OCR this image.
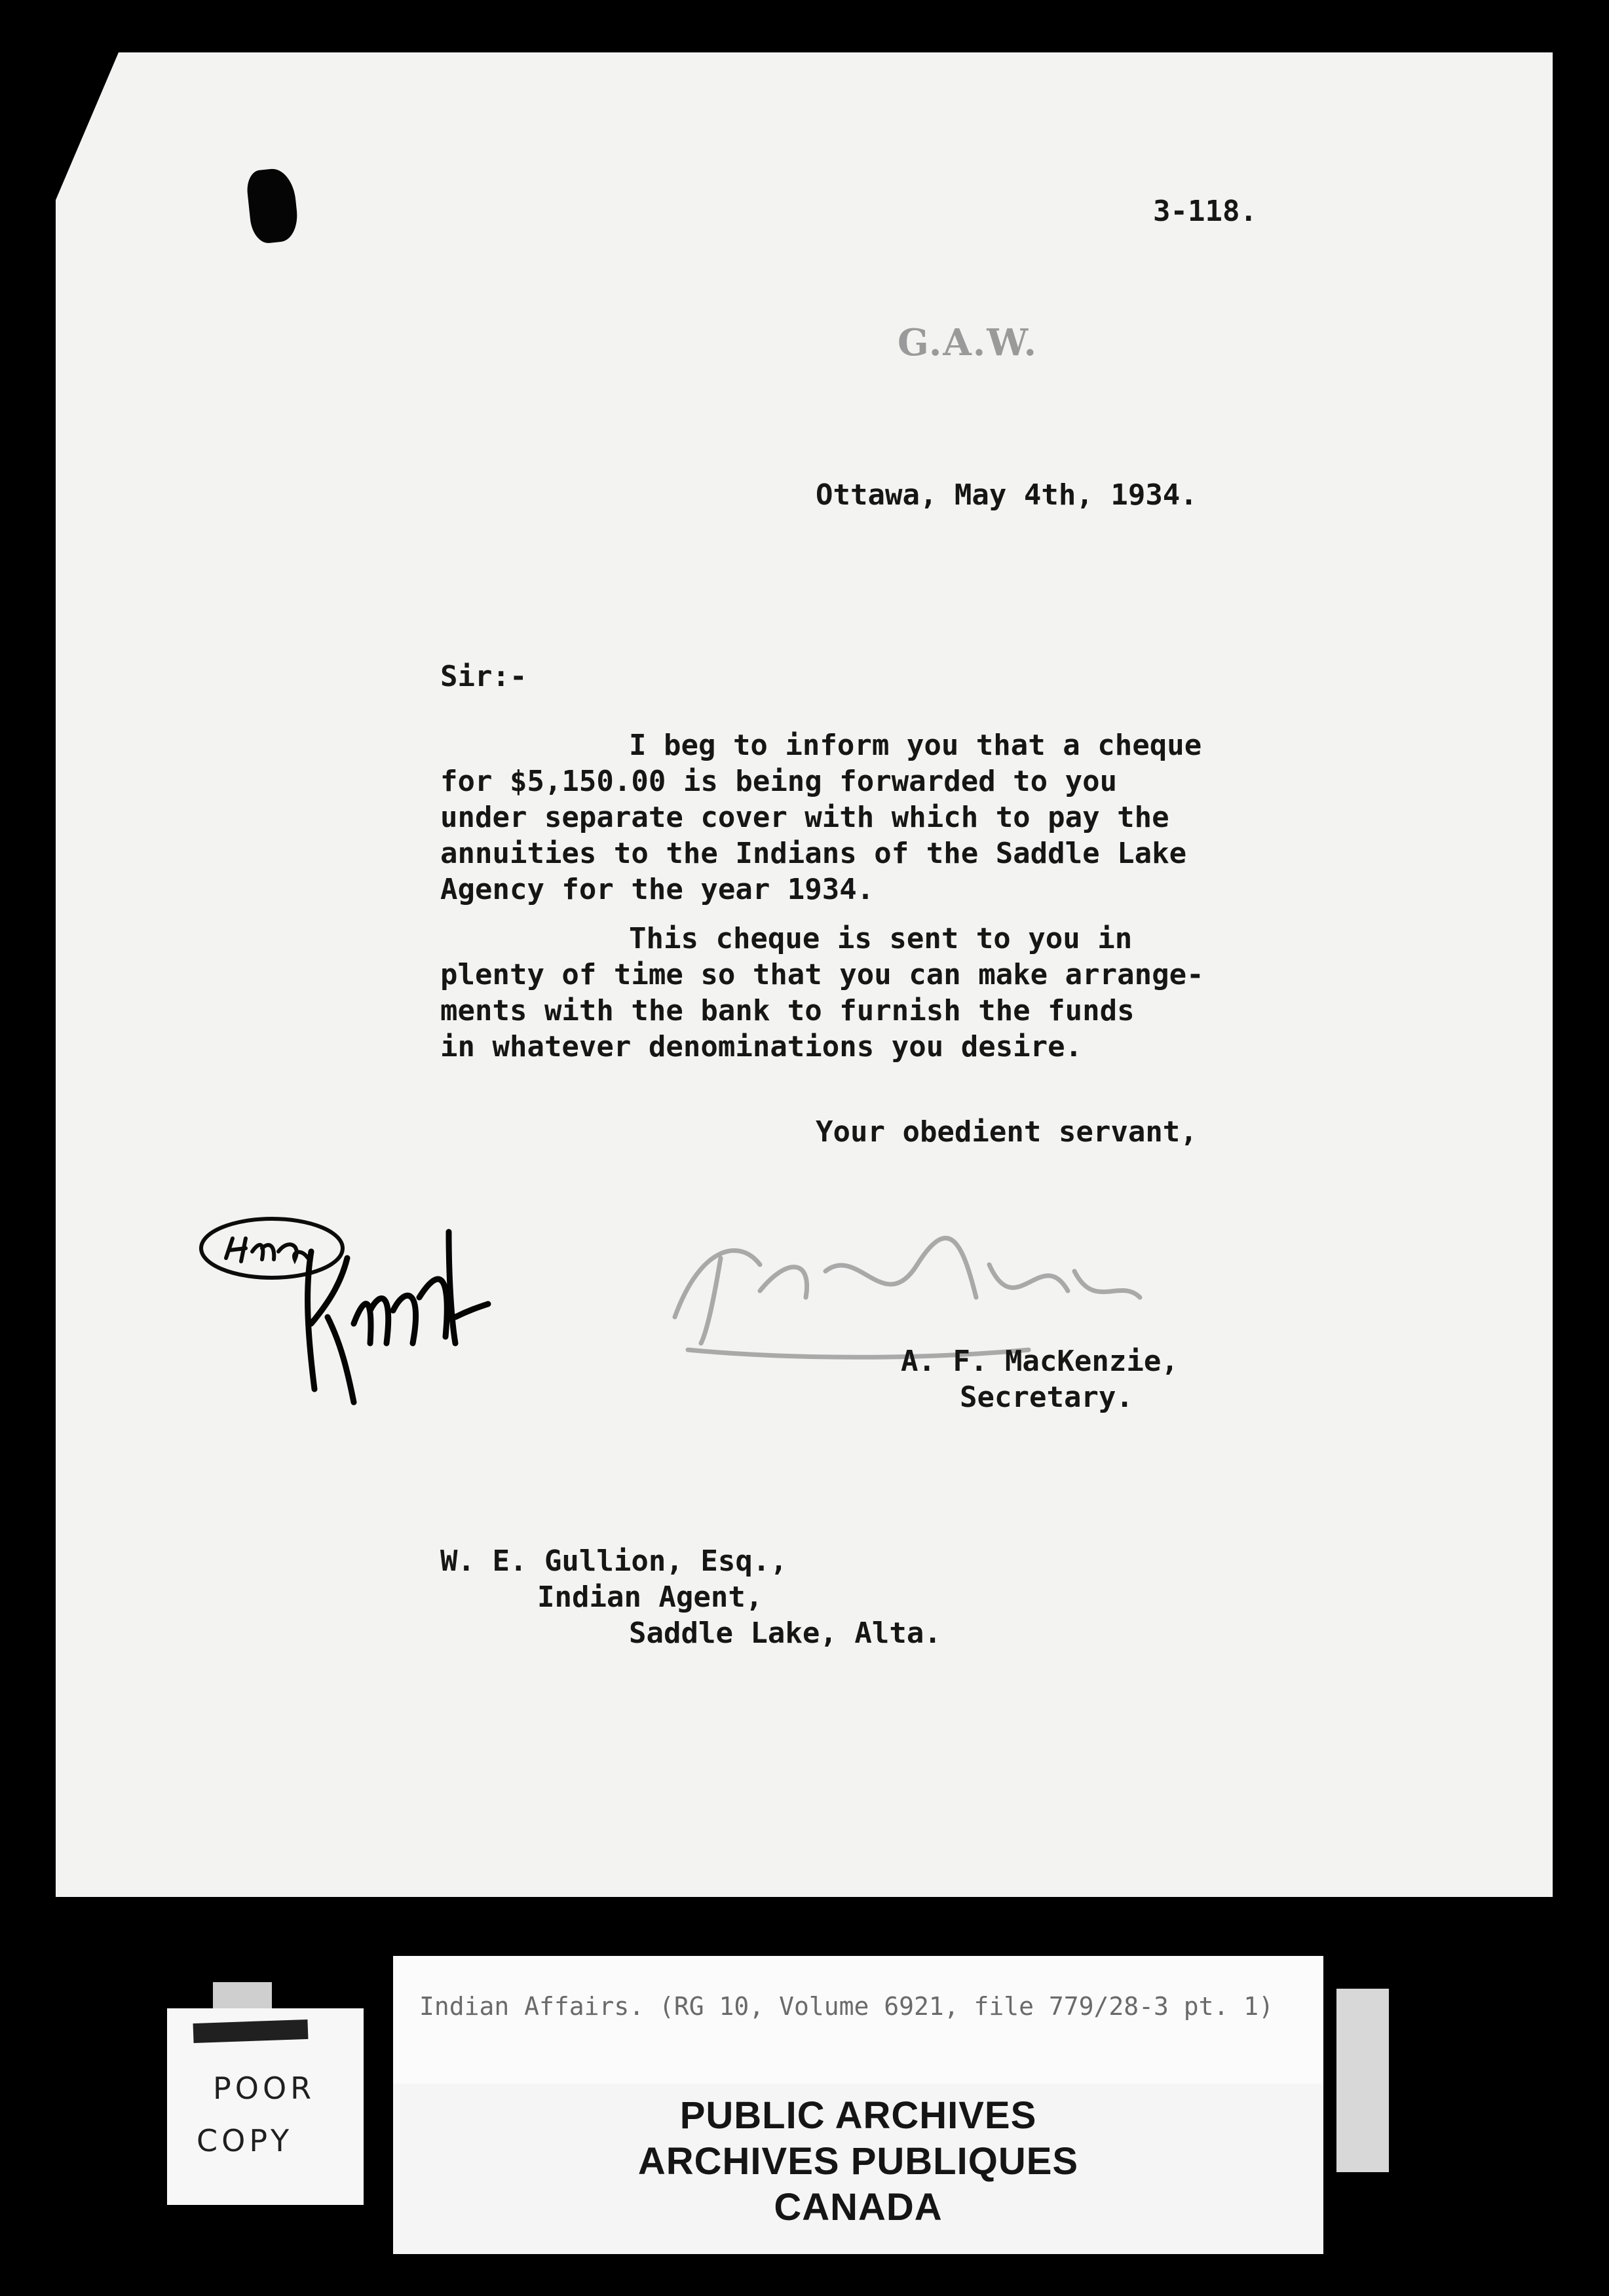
3-118.
G.A.W.
Ottawa, May 4th, 1934.
Sir:-
I beg to inform you that a cheque
for $5,150.00 is being forwarded to you
under separate cover with which to pay the
annuities to the Indians of the Saddle Lake
Agency for the year 1934.
This cheque is sent to you in
plenty of time so that you can make arrange-
ments with the bank to furnish the funds
in whatever denominations you desire.
Your obedient servant,
A. F. MacKenzie,
Secretary.
W. E. Gullion, Esq.,
Indian Agent,
Saddle Lake, Alta.
Indian Affairs. (RG 10, Volume 6921, file 779/28-3 pt. 1)
POOR
COPY
PUBLIC ARCHIVES
ARCHIVES PUBLIQUES
CANADA
